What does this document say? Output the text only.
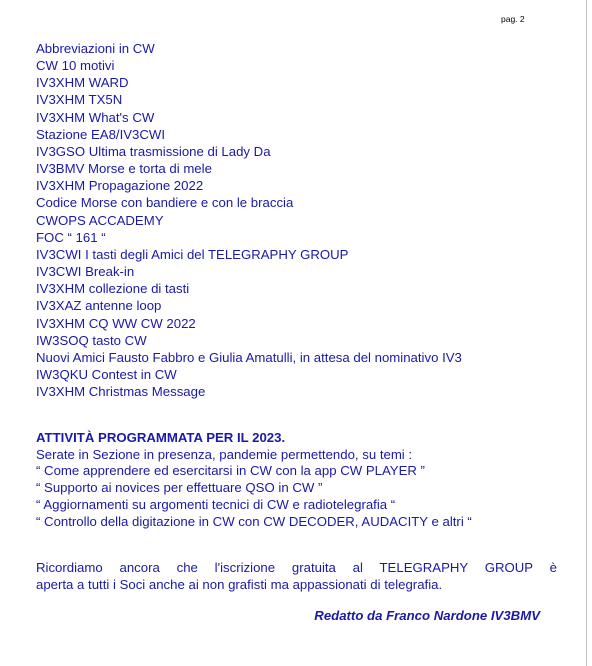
pag. 2
Abbreviazioni in CW
CW 10 motivi
IV3XHM WARD
IV3XHM TX5N
IV3XHM What's CW
Stazione EA8/IV3CWI
IV3GSO Ultima trasmissione di Lady Da
IV3BMV Morse e torta di mele
IV3XHM Propagazione 2022
Codice Morse con bandiere e con le braccia
CWOPS ACCADEMY
FOC “ 161 “
IV3CWI I tasti degli Amici del TELEGRAPHY GROUP
IV3CWI Break-in
IV3XHM collezione di tasti
IV3XAZ antenne loop
IV3XHM CQ WW CW 2022
IW3SOQ tasto CW
Nuovi Amici Fausto Fabbro e Giulia Amatulli, in attesa del nominativo IV3
IW3QKU Contest in CW
IV3XHM Christmas Message
ATTIVITÀ PROGRAMMATA PER IL 2023.
Serate in Sezione in presenza, pandemie permettendo, su temi :
“ Come apprendere ed esercitarsi in CW con la app CW PLAYER ”
“ Supporto ai novices per effettuare QSO in CW ”
“ Aggiornamenti su argomenti tecnici di CW e radiotelegrafia “
“ Controllo della digitazione in CW con CW DECODER, AUDACITY e altri “
Ricordiamo ancora che l'iscrizione gratuita al TELEGRAPHY GROUP è
aperta a tutti i Soci anche ai non grafisti ma appassionati di telegrafia.
Redatto da Franco Nardone IV3BMV
